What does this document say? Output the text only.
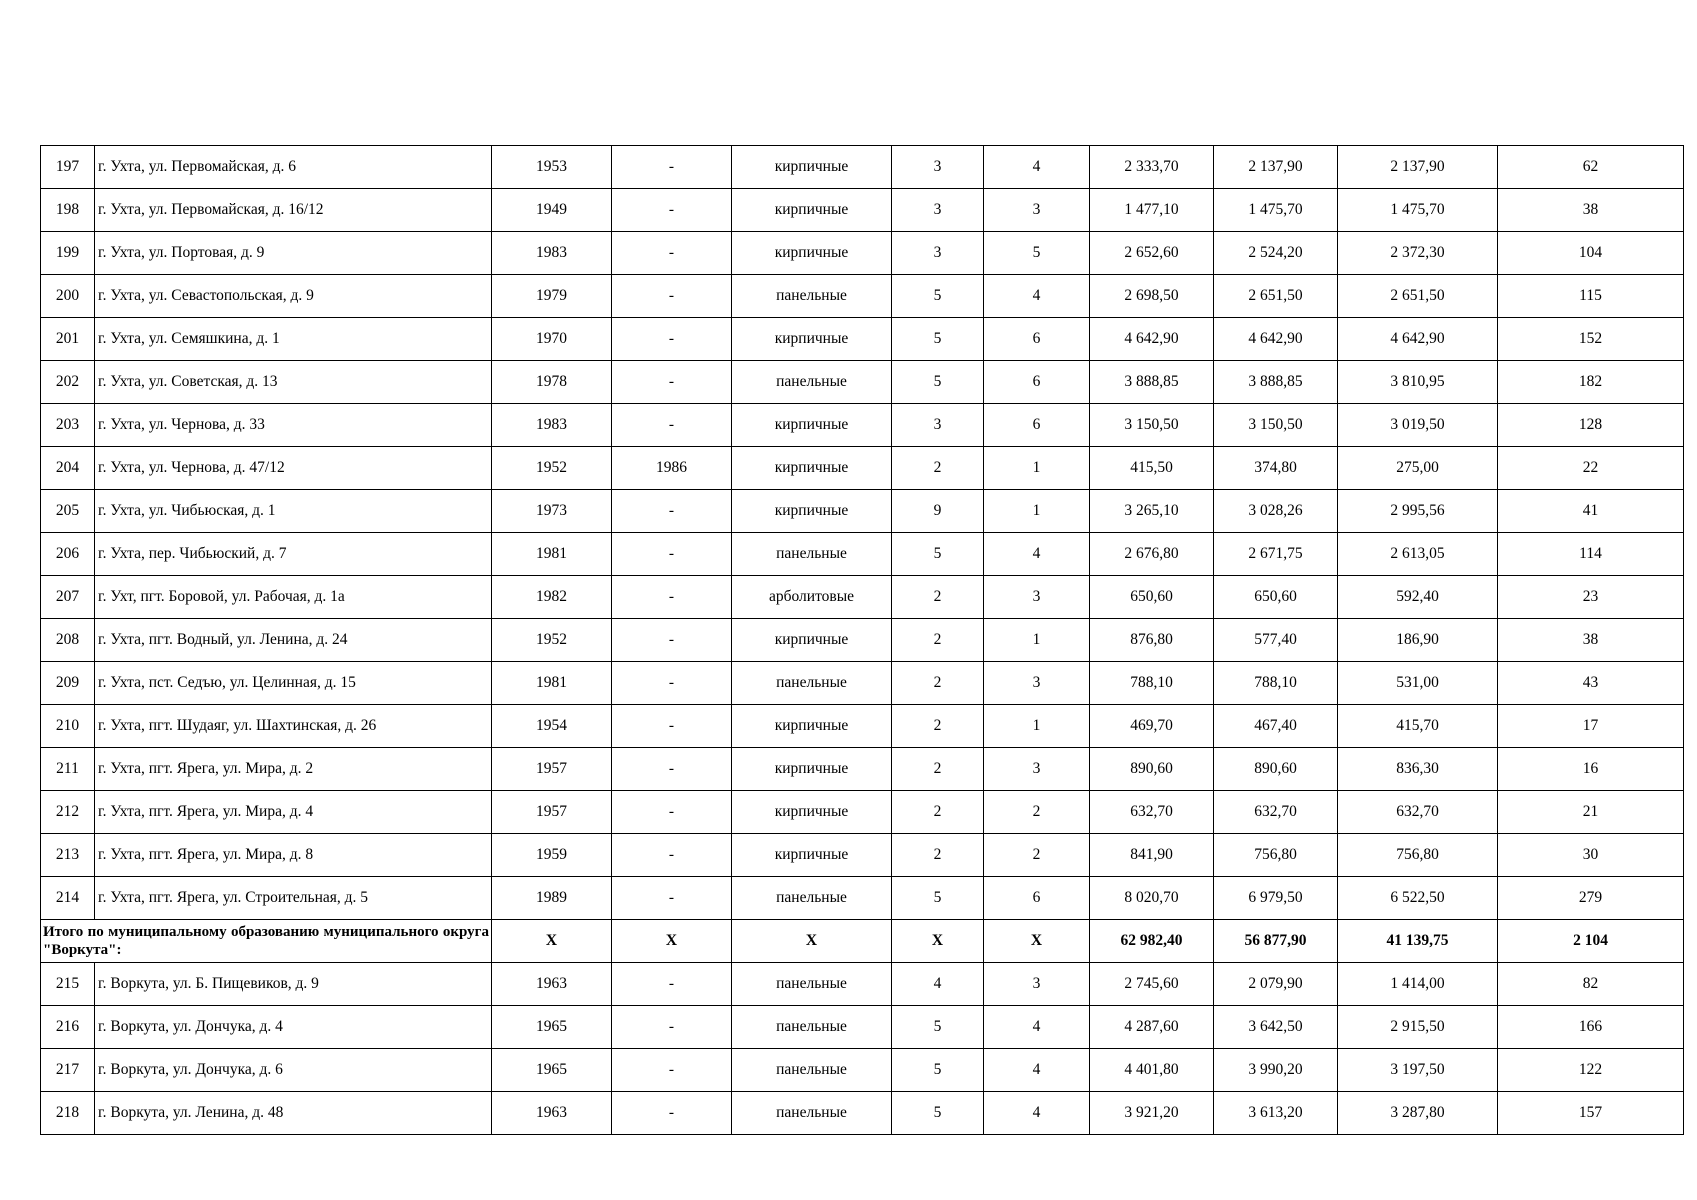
197	г. Ухта, ул. Первомайская, д. 6	1953	-	кирпичные	3	4	2 333,70	2 137,90	2 137,90	62
198	г. Ухта, ул. Первомайская, д. 16/12	1949	-	кирпичные	3	3	1 477,10	1 475,70	1 475,70	38
199	г. Ухта, ул. Портовая, д. 9	1983	-	кирпичные	3	5	2 652,60	2 524,20	2 372,30	104
200	г. Ухта, ул. Севастопольская, д. 9	1979	-	панельные	5	4	2 698,50	2 651,50	2 651,50	115
201	г. Ухта, ул. Семяшкина, д. 1	1970	-	кирпичные	5	6	4 642,90	4 642,90	4 642,90	152
202	г. Ухта, ул. Советская, д. 13	1978	-	панельные	5	6	3 888,85	3 888,85	3 810,95	182
203	г. Ухта, ул. Чернова, д. 33	1983	-	кирпичные	3	6	3 150,50	3 150,50	3 019,50	128
204	г. Ухта, ул. Чернова, д. 47/12	1952	1986	кирпичные	2	1	415,50	374,80	275,00	22
205	г. Ухта, ул. Чибьюская, д. 1	1973	-	кирпичные	9	1	3 265,10	3 028,26	2 995,56	41
206	г. Ухта, пер. Чибьюский, д. 7	1981	-	панельные	5	4	2 676,80	2 671,75	2 613,05	114
207	г. Ухт, пгт. Боровой, ул. Рабочая, д. 1а	1982	-	арболитовые	2	3	650,60	650,60	592,40	23
208	г. Ухта, пгт. Водный, ул. Ленина, д. 24	1952	-	кирпичные	2	1	876,80	577,40	186,90	38
209	г. Ухта, пст. Седъю, ул. Целинная, д. 15	1981	-	панельные	2	3	788,10	788,10	531,00	43
210	г. Ухта, пгт. Шудаяг, ул. Шахтинская, д. 26	1954	-	кирпичные	2	1	469,70	467,40	415,70	17
211	г. Ухта, пгт. Ярега, ул. Мира, д. 2	1957	-	кирпичные	2	3	890,60	890,60	836,30	16
212	г. Ухта, пгт. Ярега, ул. Мира, д. 4	1957	-	кирпичные	2	2	632,70	632,70	632,70	21
213	г. Ухта, пгт. Ярега, ул. Мира, д. 8	1959	-	кирпичные	2	2	841,90	756,80	756,80	30
214	г. Ухта, пгт. Ярега, ул. Строительная, д. 5	1989	-	панельные	5	6	8 020,70	6 979,50	6 522,50	279
Итого по муниципальному образованию муниципального округа "Воркута":		X	X	X	X	X	62 982,40	56 877,90	41 139,75	2 104
215	г. Воркута, ул. Б. Пищевиков, д. 9	1963	-	панельные	4	3	2 745,60	2 079,90	1 414,00	82
216	г. Воркута, ул. Дончука, д. 4	1965	-	панельные	5	4	4 287,60	3 642,50	2 915,50	166
217	г. Воркута, ул. Дончука, д. 6	1965	-	панельные	5	4	4 401,80	3 990,20	3 197,50	122
218	г. Воркута, ул. Ленина, д. 48	1963	-	панельные	5	4	3 921,20	3 613,20	3 287,80	157
